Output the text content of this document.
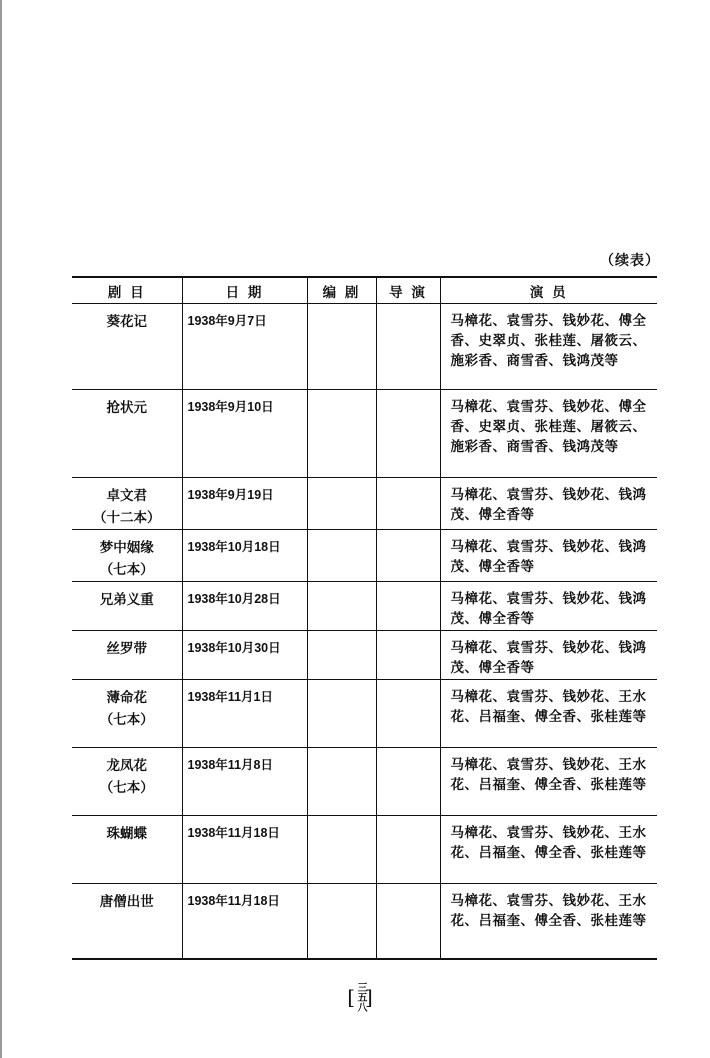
（续表）
剧 目	日 期	编 剧	导 演	演 员

葵花记	1938年9月7日			马樟花、袁雪芬、钱妙花、傅全香、史翠贞、张桂莲、屠筱云、施彩香、商雪香、钱鸿茂等

抢状元	1938年9月10日			马樟花、袁雪芬、钱妙花、傅全香、史翠贞、张桂莲、屠筱云、施彩香、商雪香、钱鸿茂等

卓文君
（十二本）	1938年9月19日			马樟花、袁雪芬、钱妙花、钱鸿茂、傅全香等

梦中姻缘
（七本）	1938年10月18日			马樟花、袁雪芬、钱妙花、钱鸿茂、傅全香等

兄弟义重	1938年10月28日			马樟花、袁雪芬、钱妙花、钱鸿茂、傅全香等

丝罗带	1938年10月30日			马樟花、袁雪芬、钱妙花、钱鸿茂、傅全香等

薄命花
（七本）	1938年11月1日			马樟花、袁雪芬、钱妙花、王水花、吕福奎、傅全香、张桂莲等

龙凤花
（七本）	1938年11月8日			马樟花、袁雪芬、钱妙花、王水花、吕福奎、傅全香、张桂莲等

珠蝴蝶	1938年11月18日			马樟花、袁雪芬、钱妙花、王水花、吕福奎、傅全香、张桂莲等

唐僧出世	1938年11月18日			马樟花、袁雪芬、钱妙花、王水花、吕福奎、傅全香、张桂莲等
[三五八]
